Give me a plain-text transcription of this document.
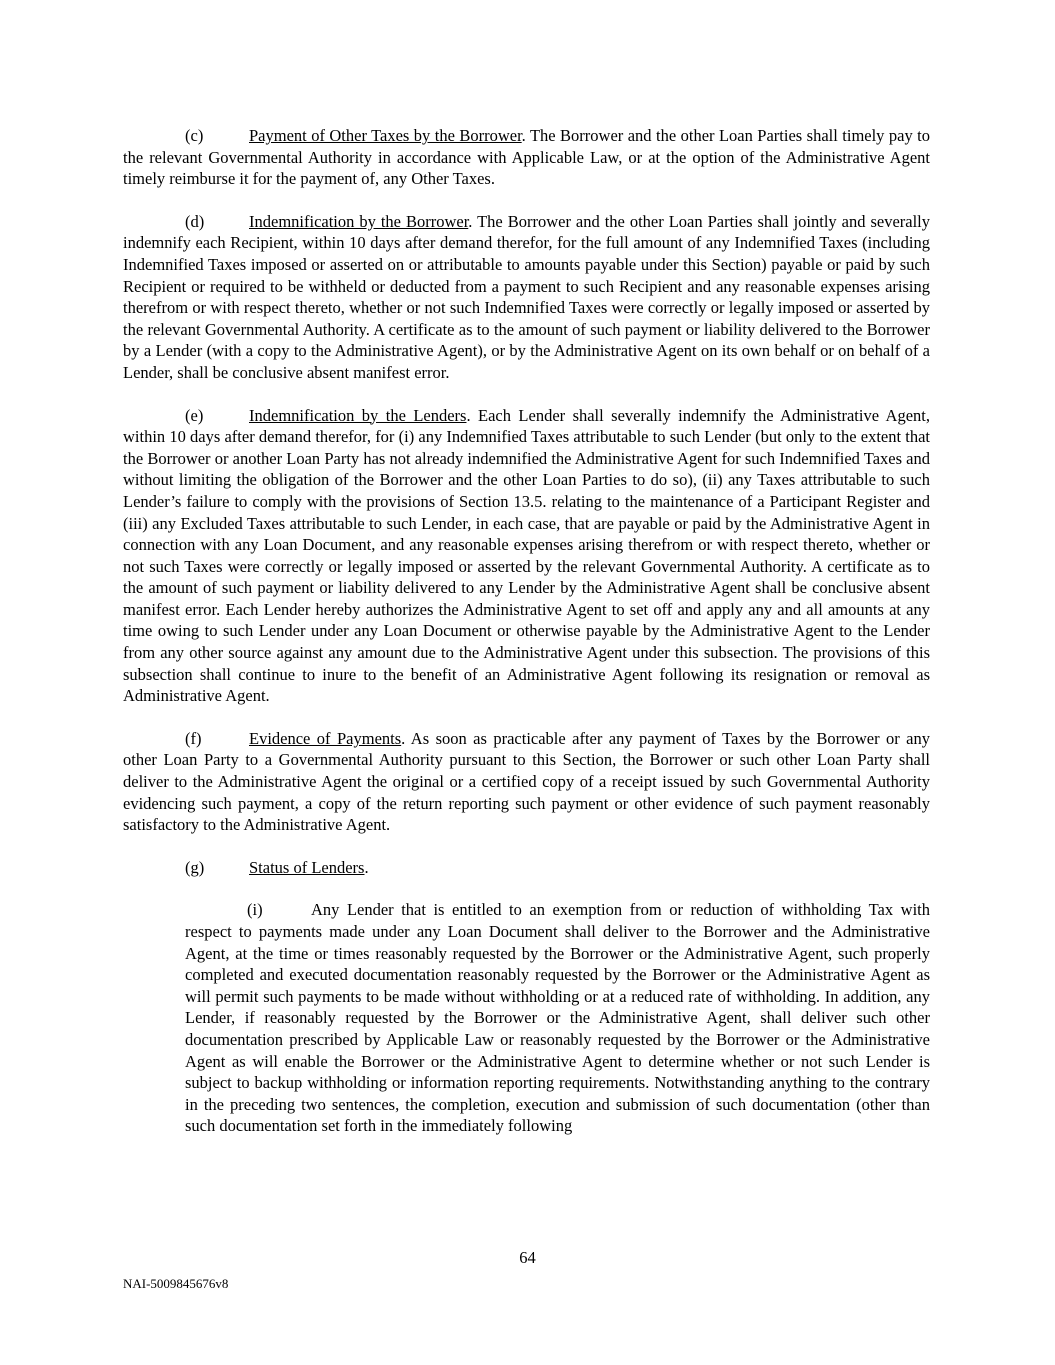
(c)	Payment of Other Taxes by the Borrower. The Borrower and the other Loan Parties shall timely pay to the relevant Governmental Authority in accordance with Applicable Law, or at the option of the Administrative Agent timely reimburse it for the payment of, any Other Taxes.

(d)	Indemnification by the Borrower. The Borrower and the other Loan Parties shall jointly and severally indemnify each Recipient, within 10 days after demand therefor, for the full amount of any Indemnified Taxes (including Indemnified Taxes imposed or asserted on or attributable to amounts payable under this Section) payable or paid by such Recipient or required to be withheld or deducted from a payment to such Recipient and any reasonable expenses arising therefrom or with respect thereto, whether or not such Indemnified Taxes were correctly or legally imposed or asserted by the relevant Governmental Authority. A certificate as to the amount of such payment or liability delivered to the Borrower by a Lender (with a copy to the Administrative Agent), or by the Administrative Agent on its own behalf or on behalf of a Lender, shall be conclusive absent manifest error.

(e)	Indemnification by the Lenders. Each Lender shall severally indemnify the Administrative Agent, within 10 days after demand therefor, for (i) any Indemnified Taxes attributable to such Lender (but only to the extent that the Borrower or another Loan Party has not already indemnified the Administrative Agent for such Indemnified Taxes and without limiting the obligation of the Borrower and the other Loan Parties to do so), (ii) any Taxes attributable to such Lender’s failure to comply with the provisions of Section 13.5. relating to the maintenance of a Participant Register and (iii) any Excluded Taxes attributable to such Lender, in each case, that are payable or paid by the Administrative Agent in connection with any Loan Document, and any reasonable expenses arising therefrom or with respect thereto, whether or not such Taxes were correctly or legally imposed or asserted by the relevant Governmental Authority. A certificate as to the amount of such payment or liability delivered to any Lender by the Administrative Agent shall be conclusive absent manifest error. Each Lender hereby authorizes the Administrative Agent to set off and apply any and all amounts at any time owing to such Lender under any Loan Document or otherwise payable by the Administrative Agent to the Lender from any other source against any amount due to the Administrative Agent under this subsection. The provisions of this subsection shall continue to inure to the benefit of an Administrative Agent following its resignation or removal as Administrative Agent.

(f)	Evidence of Payments. As soon as practicable after any payment of Taxes by the Borrower or any other Loan Party to a Governmental Authority pursuant to this Section, the Borrower or such other Loan Party shall deliver to the Administrative Agent the original or a certified copy of a receipt issued by such Governmental Authority evidencing such payment, a copy of the return reporting such payment or other evidence of such payment reasonably satisfactory to the Administrative Agent.

(g)	Status of Lenders.

(i)	Any Lender that is entitled to an exemption from or reduction of withholding Tax with respect to payments made under any Loan Document shall deliver to the Borrower and the Administrative Agent, at the time or times reasonably requested by the Borrower or the Administrative Agent, such properly completed and executed documentation reasonably requested by the Borrower or the Administrative Agent as will permit such payments to be made without withholding or at a reduced rate of withholding. In addition, any Lender, if reasonably requested by the Borrower or the Administrative Agent, shall deliver such other documentation prescribed by Applicable Law or reasonably requested by the Borrower or the Administrative Agent as will enable the Borrower or the Administrative Agent to determine whether or not such Lender is subject to backup withholding or information reporting requirements. Notwithstanding anything to the contrary in the preceding two sentences, the completion, execution and submission of such documentation (other than such documentation set forth in the immediately following

64
NAI-5009845676v8
